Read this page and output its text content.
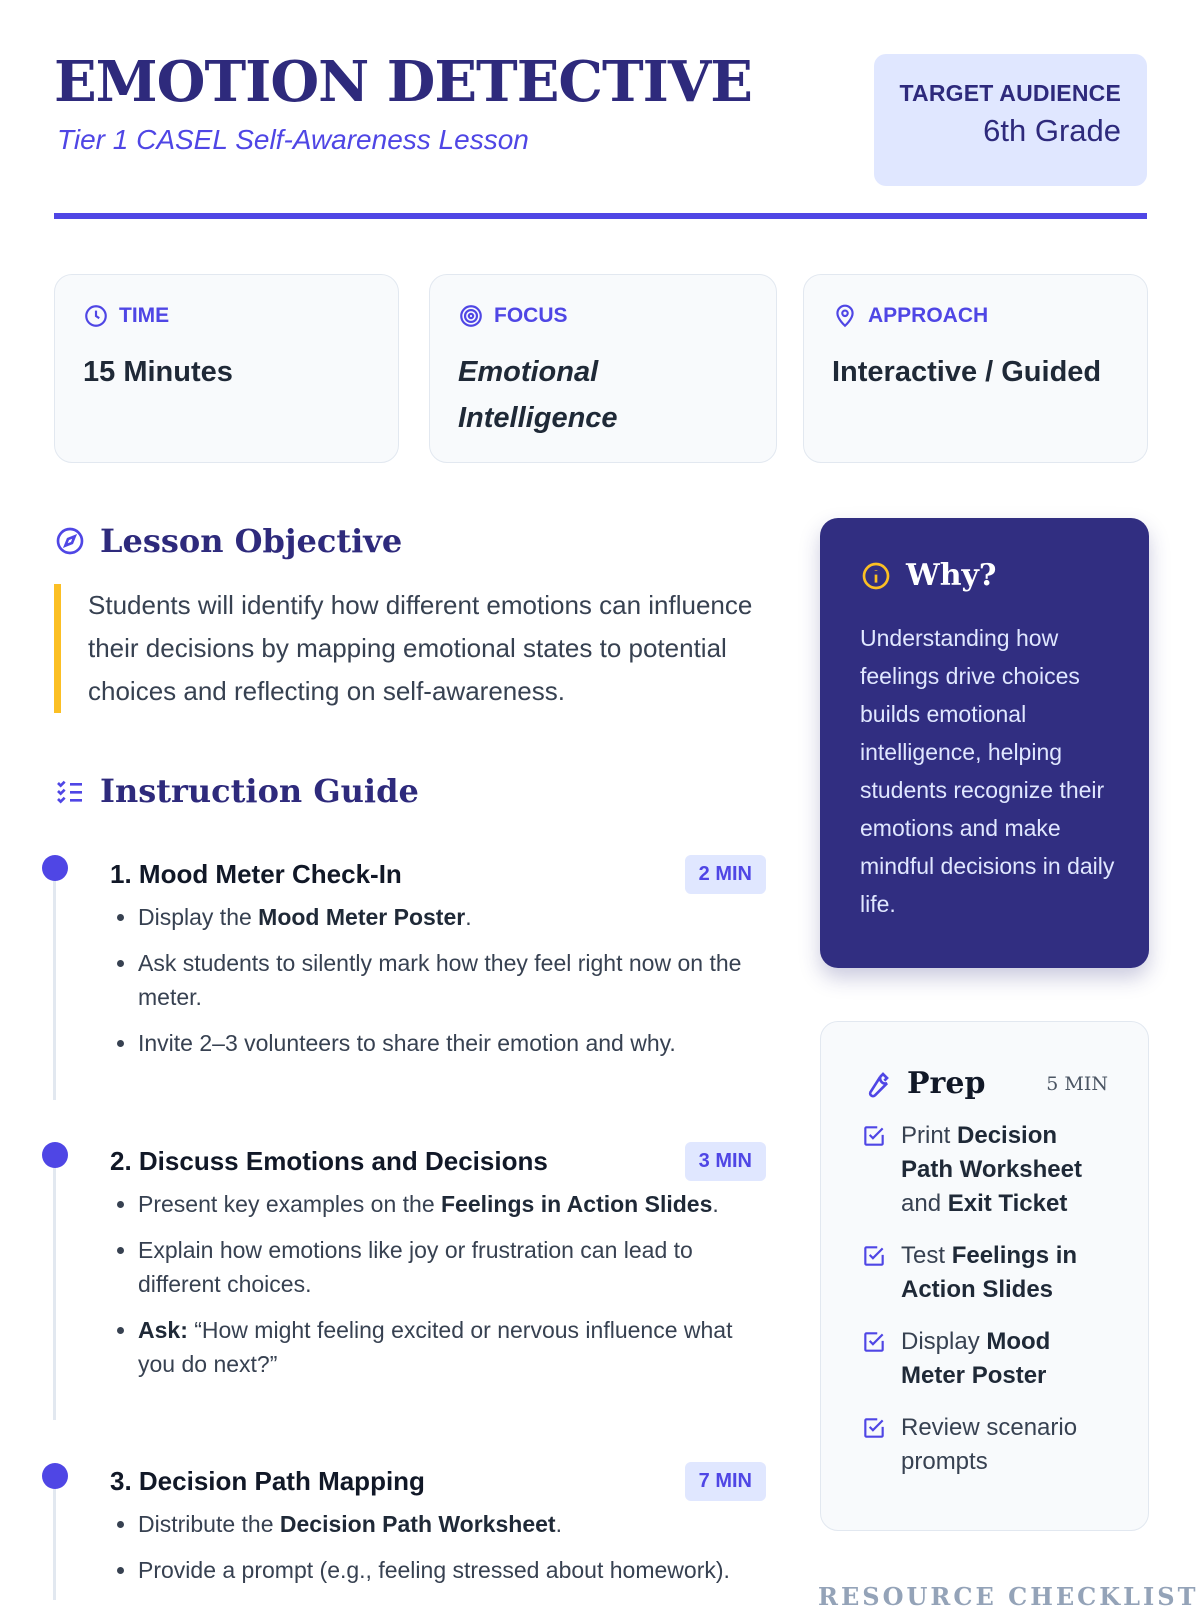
EMOTION DETECTIVE
Tier 1 CASEL Self-Awareness Lesson
TARGET AUDIENCE
6th Grade
TIME
15 Minutes
FOCUS
Emotional Intelligence
APPROACH
Interactive / Guided
Lesson Objective
Students will identify how different emotions can influence their decisions by mapping emotional states to potential choices and reflecting on self-awareness.
Instruction Guide
1. Mood Meter Check-In	2 MIN
• Display the Mood Meter Poster.
• Ask students to silently mark how they feel right now on the meter.
• Invite 2–3 volunteers to share their emotion and why.
2. Discuss Emotions and Decisions	3 MIN
• Present key examples on the Feelings in Action Slides.
• Explain how emotions like joy or frustration can lead to different choices.
• Ask: “How might feeling excited or nervous influence what you do next?”
3. Decision Path Mapping	7 MIN
• Distribute the Decision Path Worksheet.
• Provide a prompt (e.g., feeling stressed about homework).
Why?
Understanding how feelings drive choices builds emotional intelligence, helping students recognize their emotions and make mindful decisions in daily life.
Prep	5 MIN
Print Decision Path Worksheet and Exit Ticket
Test Feelings in Action Slides
Display Mood Meter Poster
Review scenario prompts
RESOURCE CHECKLIST
